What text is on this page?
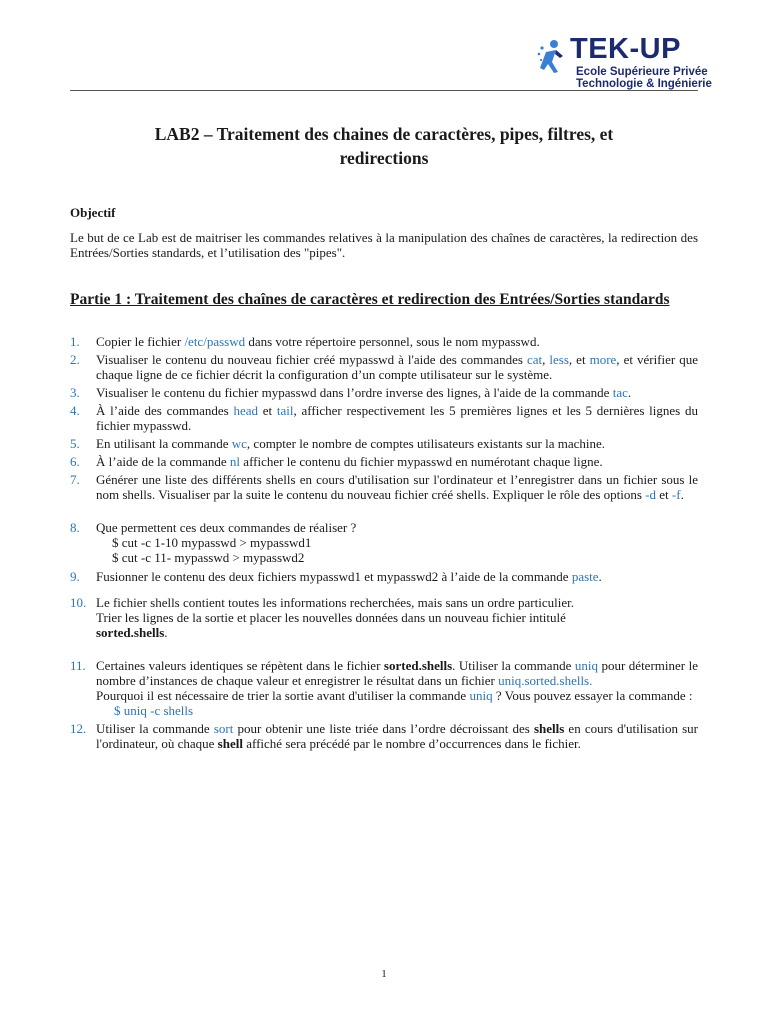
TEK-UP
Ecole Supérieure Privée
Technologie & Ingénierie
LAB2 – Traitement des chaines de caractères, pipes, filtres, et
redirections
Objectif
Le but de ce Lab est de maitriser les commandes relatives à la manipulation des chaînes de caractères, la redirection des Entrées/Sorties standards, et l’utilisation des "pipes".
Partie 1 : Traitement des chaînes de caractères et redirection des Entrées/Sorties standards
1. Copier le fichier /etc/passwd dans votre répertoire personnel, sous le nom mypasswd.
2. Visualiser le contenu du nouveau fichier créé mypasswd à l'aide des commandes cat, less, et more, et vérifier que chaque ligne de ce fichier décrit la configuration d’un compte utilisateur sur le système.
3. Visualiser le contenu du fichier mypasswd dans l’ordre inverse des lignes, à l'aide de la commande tac.
4. À l’aide des commandes head et tail, afficher respectivement les 5 premières lignes et les 5 dernières lignes du fichier mypasswd.
5. En utilisant la commande wc, compter le nombre de comptes utilisateurs existants sur la machine.
6. À l’aide de la commande nl afficher le contenu du fichier mypasswd en numérotant chaque ligne.
7. Générer une liste des différents shells en cours d'utilisation sur l'ordinateur et l’enregistrer dans un fichier sous le nom shells. Visualiser par la suite le contenu du nouveau fichier créé shells. Expliquer le rôle des options -d et -f.
8. Que permettent ces deux commandes de réaliser ?
$ cut -c 1-10 mypasswd > mypasswd1
$ cut -c 11- mypasswd > mypasswd2
9. Fusionner le contenu des deux fichiers mypasswd1 et mypasswd2 à l’aide de la commande paste.
10. Le fichier shells contient toutes les informations recherchées, mais sans un ordre particulier.
Trier les lignes de la sortie et placer les nouvelles données dans un nouveau fichier intitulé
sorted.shells.
11. Certaines valeurs identiques se répètent dans le fichier sorted.shells. Utiliser la commande uniq pour déterminer le nombre d’instances de chaque valeur et enregistrer le résultat dans un fichier uniq.sorted.shells.
Pourquoi il est nécessaire de trier la sortie avant d'utiliser la commande uniq ? Vous pouvez essayer la commande :
$ uniq -c shells
12. Utiliser la commande sort pour obtenir une liste triée dans l’ordre décroissant des shells en cours d'utilisation sur l'ordinateur, où chaque shell affiché sera précédé par le nombre d’occurrences dans le fichier.
1
